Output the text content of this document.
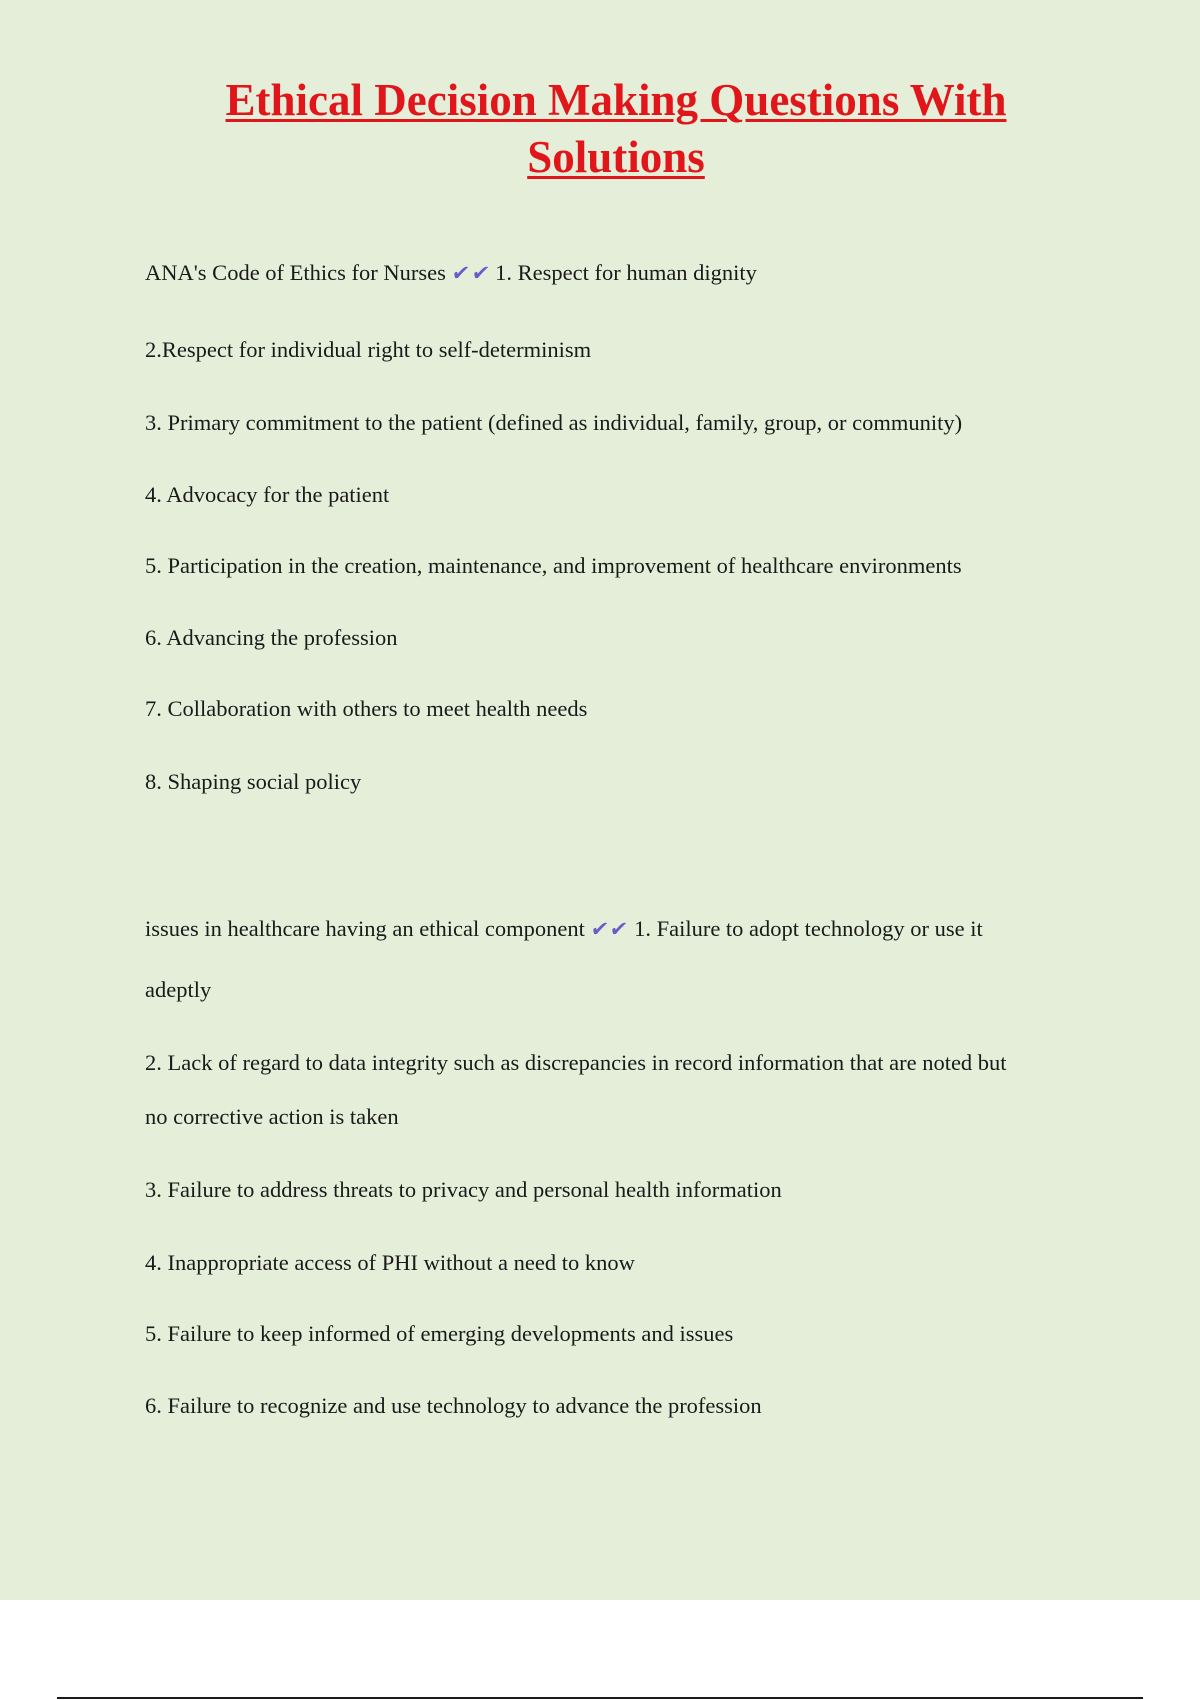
Ethical Decision Making Questions With Solutions
ANA's Code of Ethics for Nurses ✔✔ 1. Respect for human dignity
2.Respect for individual right to self-determinism
3. Primary commitment to the patient (defined as individual, family, group, or community)
4. Advocacy for the patient
5. Participation in the creation, maintenance, and improvement of healthcare environments
6. Advancing the profession
7. Collaboration with others to meet health needs
8. Shaping social policy
issues in healthcare having an ethical component ✔✔ 1. Failure to adopt technology or use it
adeptly
2. Lack of regard to data integrity such as discrepancies in record information that are noted but
no corrective action is taken
3. Failure to address threats to privacy and personal health information
4. Inappropriate access of PHI without a need to know
5. Failure to keep informed of emerging developments and issues
6. Failure to recognize and use technology to advance the profession
